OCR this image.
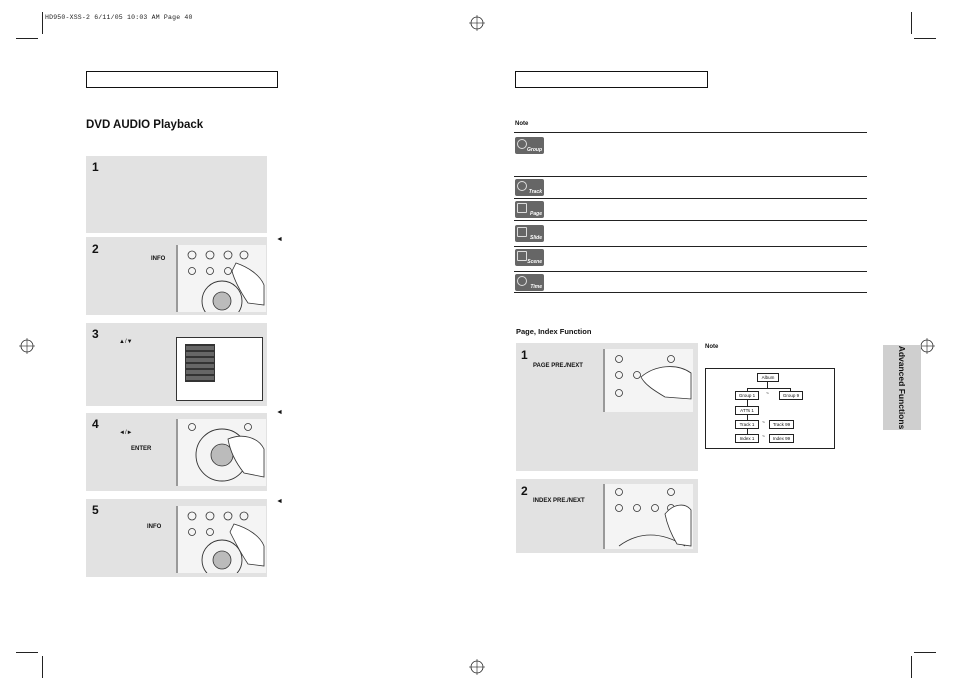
HD950-XSS-2 6/11/05 10:03 AM Page 40
DVD AUDIO Playback
1
2
INFO
◄
3
▲/▼
4
◄/►
ENTER
◄
5
INFO
◄
Note
Group
Track
Page
Slide
Scene
Time
Page, Index Function
1
PAGE PRE./NEXT
2
INDEX PRE./NEXT
Note
Album
Group 1	~	Group 9
ATTs 1
Track 1	~	Track 99
Index 1	~	Index 99
Advanced Functions
